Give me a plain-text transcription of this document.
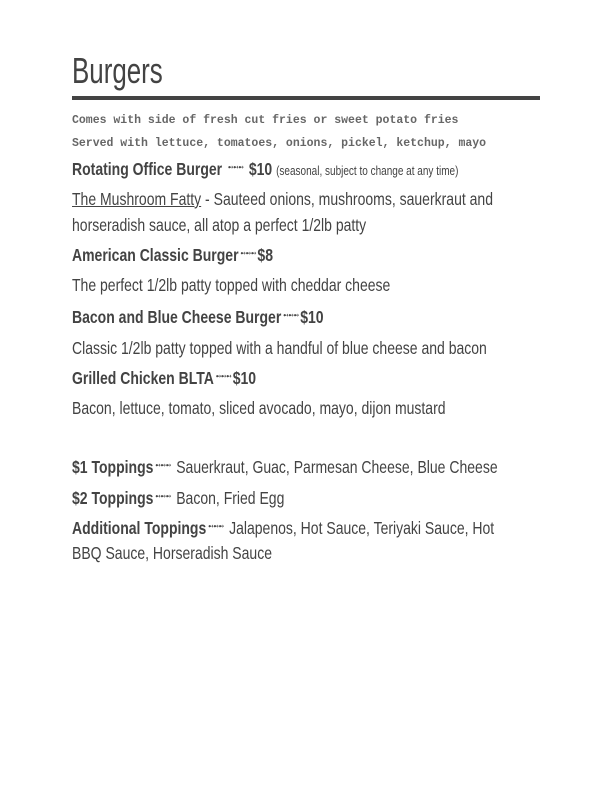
Burgers
Comes with side of fresh cut fries or sweet potato fries
Served with lettuce, tomatoes, onions, pickel, ketchup, mayo
Rotating Office Burger ➻➻➻ $10 (seasonal, subject to change at any time)
The Mushroom Fatty - Sauteed onions, mushrooms, sauerkraut and
horseradish sauce, all atop a perfect 1/2lb patty
American Classic Burger ➻➻➻$8
The perfect 1/2lb patty topped with cheddar cheese
Bacon and Blue Cheese Burger ➻➻➻$10
Classic 1/2lb patty topped with a handful of blue cheese and bacon
Grilled Chicken BLTA ➻➻➻$10
Bacon, lettuce, tomato, sliced avocado, mayo, dijon mustard
$1 Toppings ➻➻➻ Sauerkraut, Guac, Parmesan Cheese, Blue Cheese
$2 Toppings ➻➻➻ Bacon, Fried Egg
Additional Toppings ➻➻➻ Jalapenos, Hot Sauce, Teriyaki Sauce, Hot
BBQ Sauce, Horseradish Sauce
